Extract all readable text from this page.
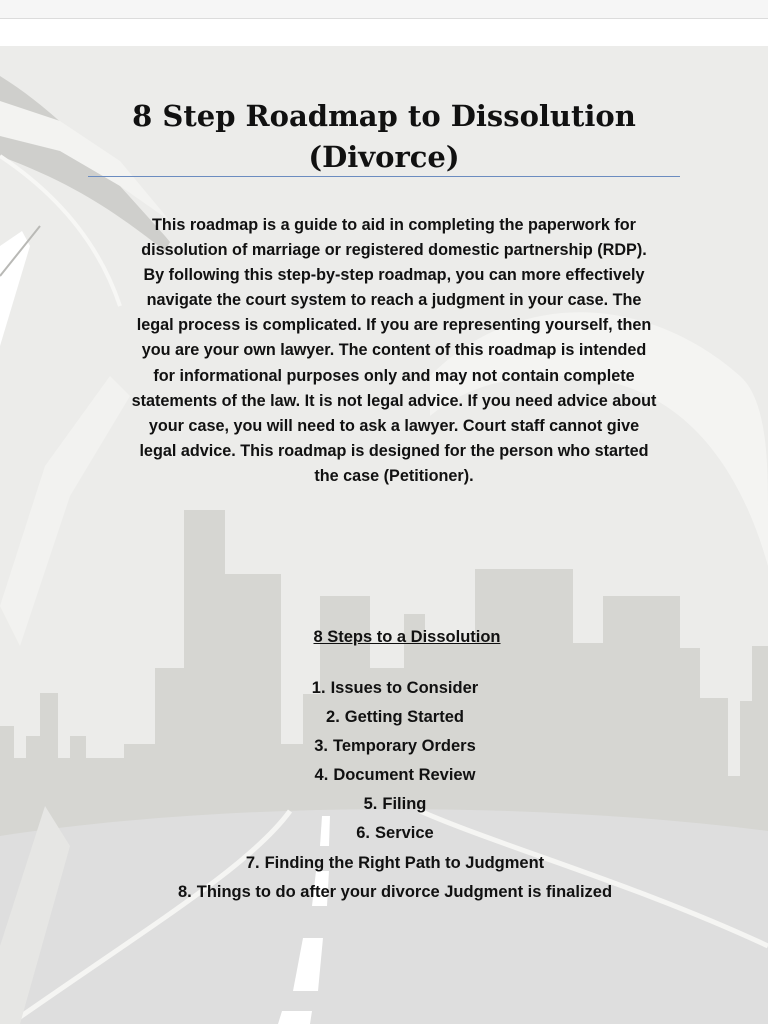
8 Step Roadmap to Dissolution (Divorce)

This roadmap is a guide to aid in completing the paperwork for dissolution of marriage or registered domestic partnership (RDP). By following this step-by-step roadmap, you can more effectively navigate the court system to reach a judgment in your case. The legal process is complicated. If you are representing yourself, then you are your own lawyer. The content of this roadmap is intended for informational purposes only and may not contain complete statements of the law. It is not legal advice. If you need advice about your case, you will need to ask a lawyer. Court staff cannot give legal advice. This roadmap is designed for the person who started the case (Petitioner).

8 Steps to a Dissolution

1. Issues to Consider
2. Getting Started
3. Temporary Orders
4. Document Review
5. Filing
6. Service
7. Finding the Right Path to Judgment
8. Things to do after your divorce Judgment is finalized
